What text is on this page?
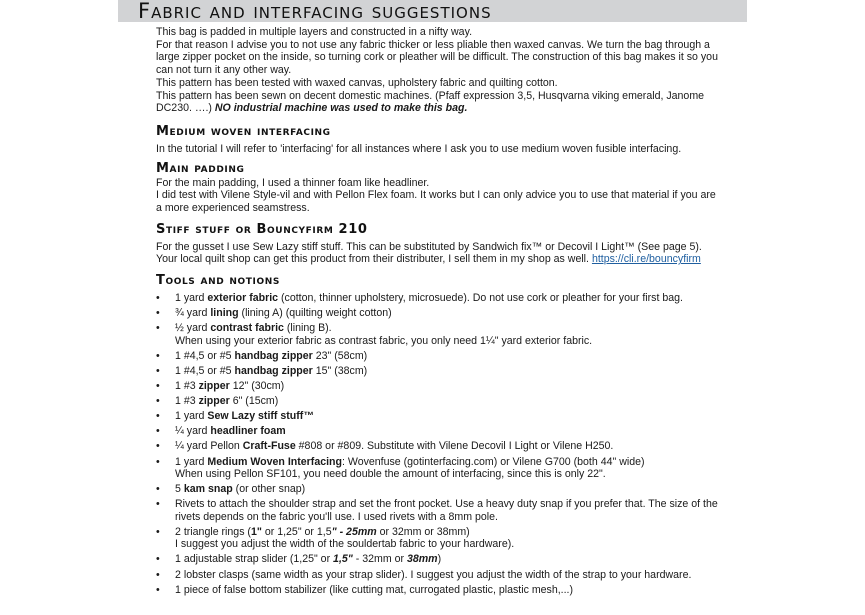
Fabric and interfacing suggestions

This bag is padded in multiple layers and constructed in a nifty way.

For that reason I advise you to not use any fabric thicker or less pliable then waxed canvas. We turn the bag through a large zipper pocket on the inside, so turning cork or pleather will be difficult. The construction of this bag makes it so you can not turn it any other way.

This pattern has been tested with waxed canvas, upholstery fabric and quilting cotton.

This pattern has been sewn on decent domestic machines. (Pfaff expression 3,5, Husqvarna viking emerald, Janome DC230. ….) NO industrial machine was used to make this bag.

Medium woven interfacing

In the tutorial I will refer to 'interfacing' for all instances where I ask you to use medium woven fusible interfacing.

Main padding

For the main padding, I used a thinner foam like headliner.

I did test with Vilene Style-vil and with Pellon Flex foam. It works but I can only advice you to use that material if you are a more experienced seamstress.

Stiff stuff or Bouncyfirm 210

For the gusset I use Sew Lazy stiff stuff. This can be substituted by Sandwich fix™ or Decovil I Light™ (See page 5).

Your local quilt shop can get this product from their distributer, I sell them in my shop as well. https://cli.re/bouncyfirm

Tools and notions
• 1 yard exterior fabric (cotton, thinner upholstery, microsuede). Do not use cork or pleather for your first bag.
• ¾ yard lining (lining A) (quilting weight cotton)
• ½ yard contrast fabric (lining B).
When using your exterior fabric as contrast fabric, you only need 1¼" yard exterior fabric.
• 1 #4,5 or #5 handbag zipper 23" (58cm)
• 1 #4,5 or #5 handbag zipper 15" (38cm)
• 1 #3 zipper 12" (30cm)
• 1 #3 zipper 6" (15cm)
• 1 yard Sew Lazy stiff stuff™
• ¼ yard headliner foam
• ¼ yard Pellon Craft-Fuse #808 or #809. Substitute with Vilene Decovil I Light or Vilene H250.
• 1 yard Medium Woven Interfacing: Wovenfuse (gotinterfacing.com) or Vilene G700 (both 44" wide)
When using Pellon SF101, you need double the amount of interfacing, since this is only 22".
• 5 kam snap (or other snap)
• Rivets to attach the shoulder strap and set the front pocket. Use a heavy duty snap if you prefer that. The size of the rivets depends on the fabric you'll use. I used rivets with a 8mm pole.
• 2 triangle rings (1" or 1,25" or 1,5" - 25mm or 32mm or 38mm)
I suggest you adjust the width of the souldertab fabric to your hardware).
• 1 adjustable strap slider (1,25" or 1,5" - 32mm or 38mm)
• 2 lobster clasps (same width as your strap slider). I suggest you adjust the width of the strap to your hardware.
• 1 piece of false bottom stabilizer (like cutting mat, currogated plastic, plastic mesh,...)
